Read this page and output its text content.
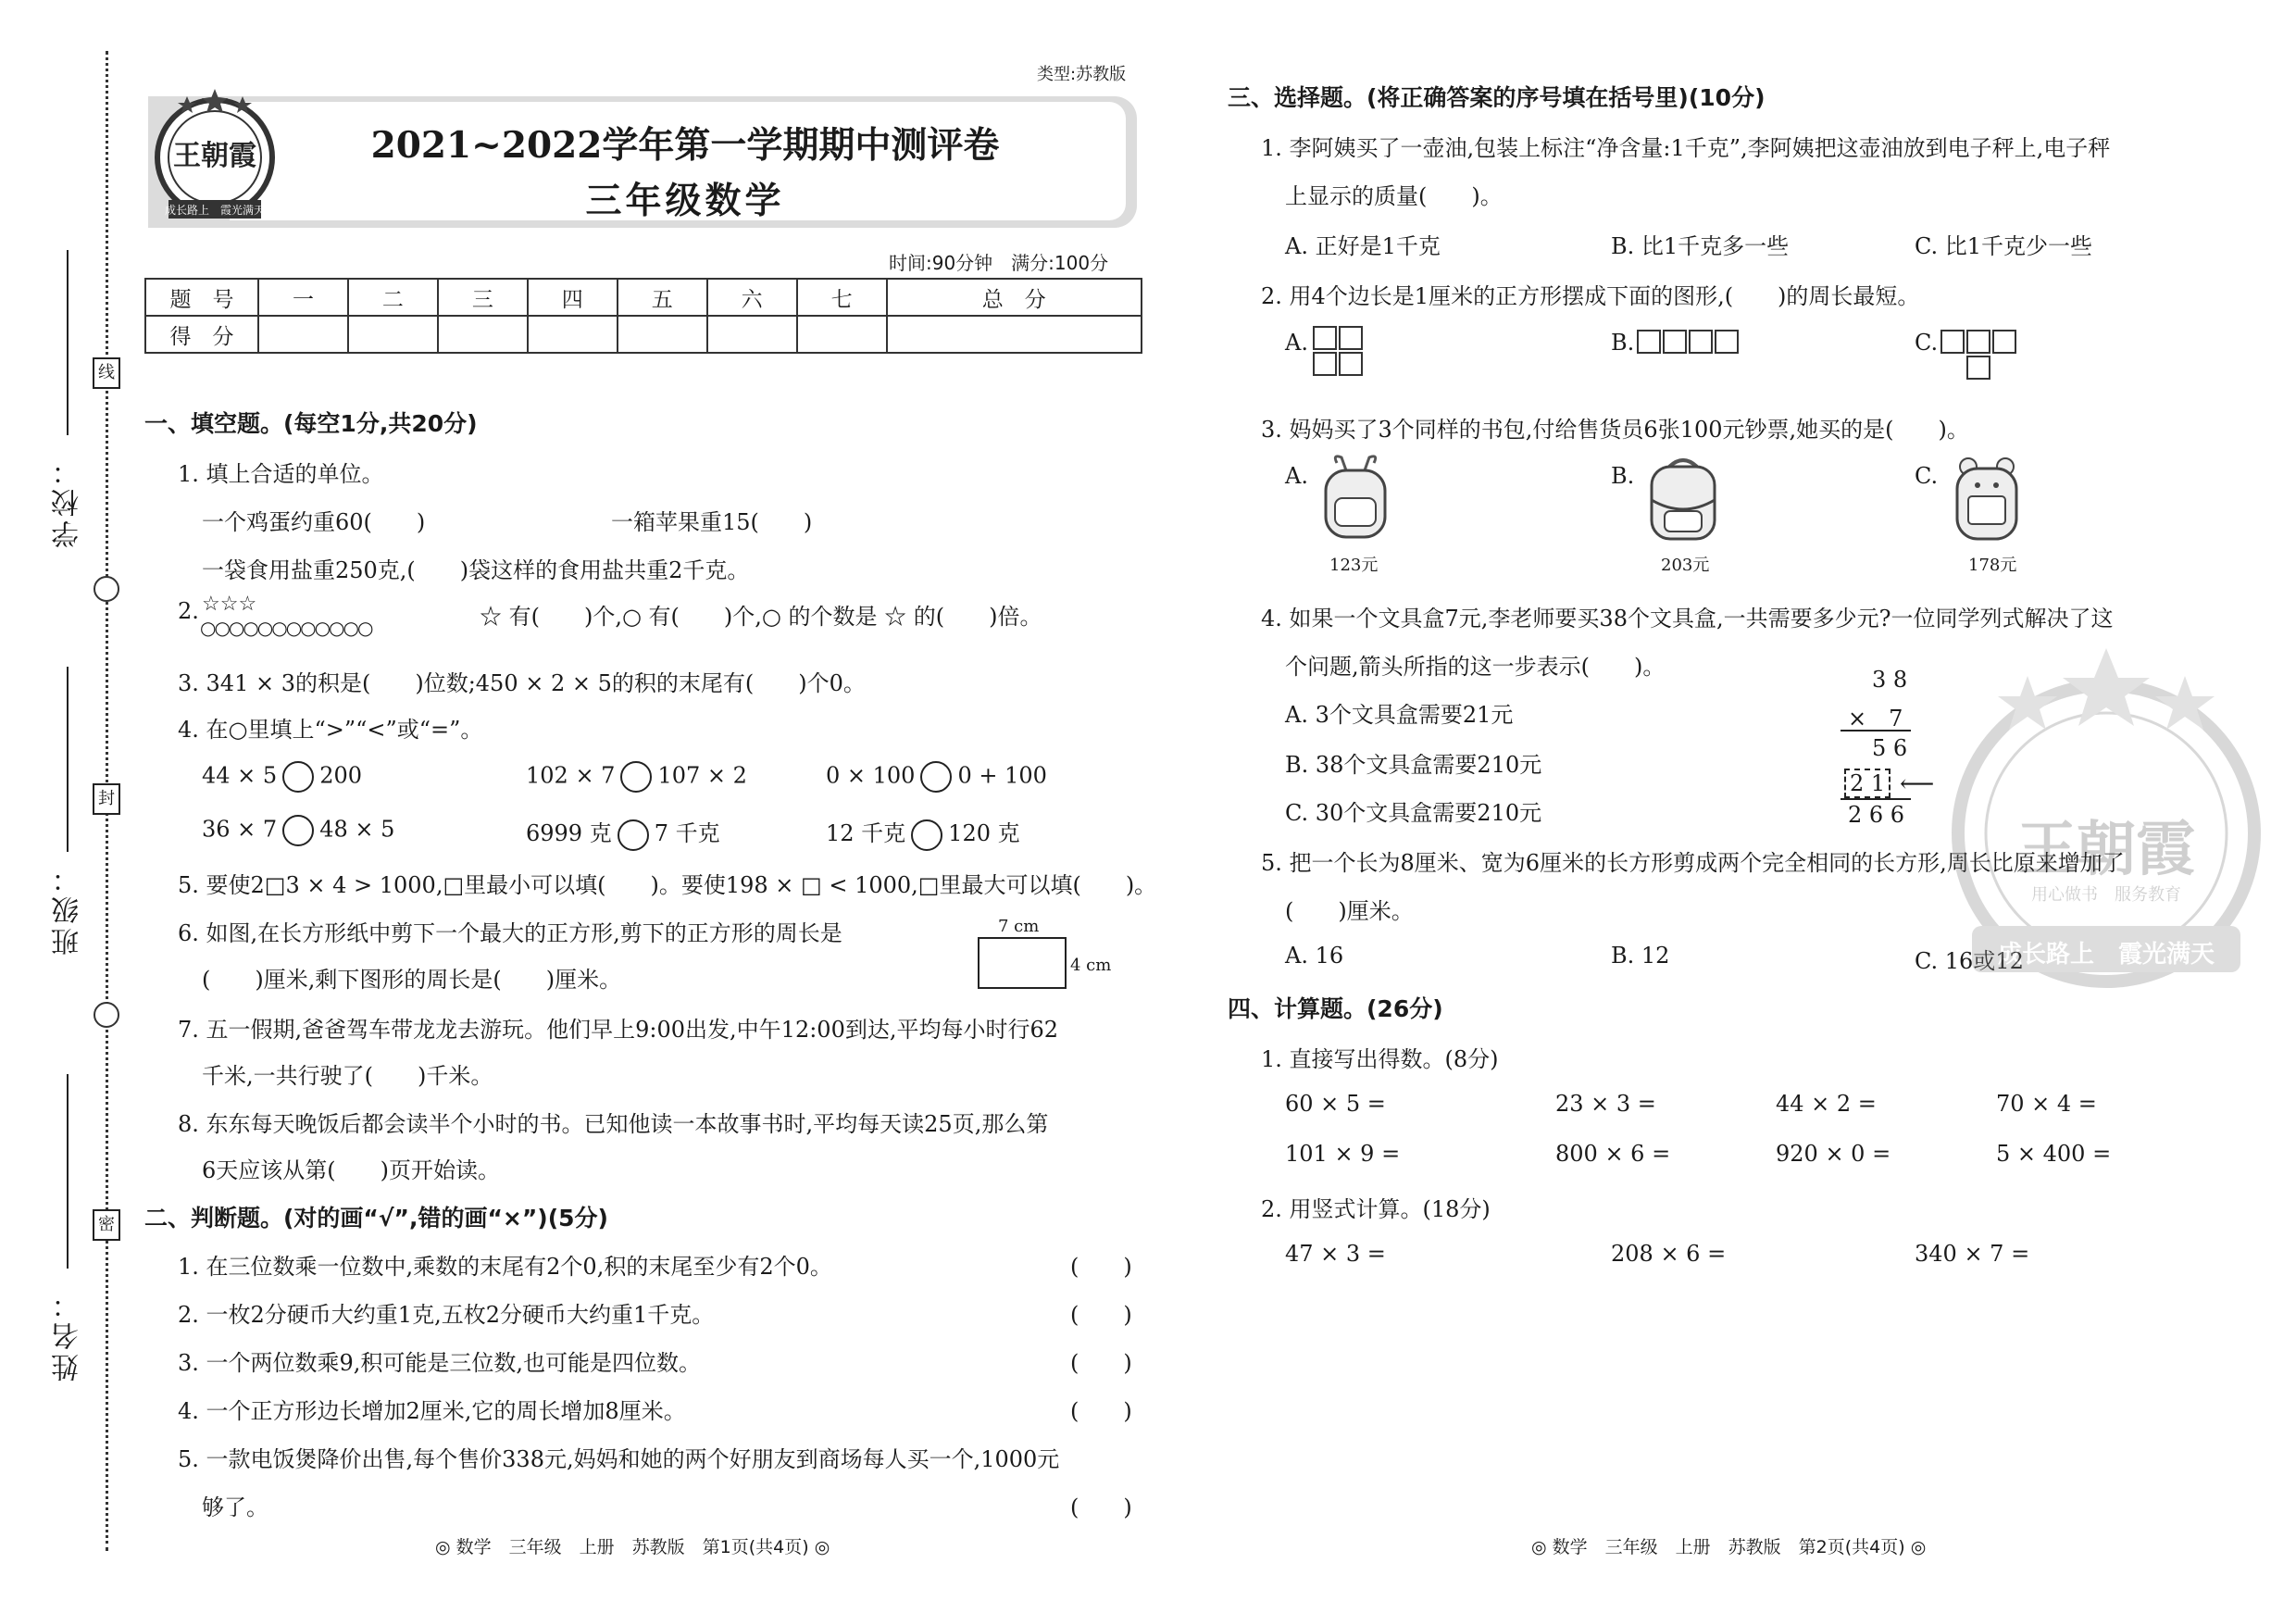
学校：
班级：
姓名：
线
封
密
类型:苏教版
王朝霞
成长路上　霞光满天
2021~2022学年第一学期期中测评卷
三年级数学
时间:90分钟　满分:100分
题　号	一	二	三	四	五	六	七	总　分
得　分								
一、填空题。(每空1分,共20分)
1. 填上合适的单位。
一个鸡蛋约重60(　　)	一箱苹果重15(　　)
一袋食用盐重250克,(　　)袋这样的食用盐共重2千克。
2. ☆☆☆
○○○○○○○○○○○○	☆ 有(　　)个,○ 有(　　)个,○ 的个数是 ☆ 的(　　)倍。
3. 341 × 3的积是(　　)位数;450 × 2 × 5的积的末尾有(　　)个0。
4. 在○里填上“>”“<”或“=”。
44 × 5 200	102 × 7 107 × 2	0 × 100 0 + 100
36 × 7 48 × 5	6999 克 7 千克	12 千克 120 克
5. 要使2□3 × 4 > 1000,□里最小可以填(　　)。要使198 × □ < 1000,□里最大可以填(　　)。
6. 如图,在长方形纸中剪下一个最大的正方形,剪下的正方形的周长是
(　　)厘米,剩下图形的周长是(　　)厘米。
7 cm
4 cm
7. 五一假期,爸爸驾车带龙龙去游玩。他们早上9:00出发,中午12:00到达,平均每小时行62
千米,一共行驶了(　　)千米。
8. 东东每天晚饭后都会读半个小时的书。已知他读一本故事书时,平均每天读25页,那么第
6天应该从第(　　)页开始读。
二、判断题。(对的画“√”,错的画“×”)(5分)
1. 在三位数乘一位数中,乘数的末尾有2个0,积的末尾至少有2个0。	(　　)
2. 一枚2分硬币大约重1克,五枚2分硬币大约重1千克。	(　　)
3. 一个两位数乘9,积可能是三位数,也可能是四位数。	(　　)
4. 一个正方形边长增加2厘米,它的周长增加8厘米。	(　　)
5. 一款电饭煲降价出售,每个售价338元,妈妈和她的两个好朋友到商场每人买一个,1000元
够了。	(　　)
◎ 数学　三年级　上册　苏教版　第1页(共4页) ◎
三、选择题。(将正确答案的序号填在括号里)(10分)
1. 李阿姨买了一壶油,包装上标注“净含量:1千克”,李阿姨把这壶油放到电子秤上,电子秤
上显示的质量(　　)。
A. 正好是1千克	B. 比1千克多一些	C. 比1千克少一些
2. 用4个边长是1厘米的正方形摆成下面的图形,(　　)的周长最短。
A.	B.	C.
3. 妈妈买了3个同样的书包,付给售货员6张100元钞票,她买的是(　　)。
A.
123元
B.
203元
C.
178元
4. 如果一个文具盒7元,李老师要买38个文具盒,一共需要多少元?一位同学列式解决了这
个问题,箭头所指的这一步表示(　　)。
A. 3个文具盒需要21元
B. 38个文具盒需要210元
C. 30个文具盒需要210元
3 8
×　7
5 6
2 1 ⟵
2 6 6
5. 把一个长为8厘米、宽为6厘米的长方形剪成两个完全相同的长方形,周长比原来增加了
(　　)厘米。
A. 16	B. 12	C. 16或12
四、计算题。(26分)
1. 直接写出得数。(8分)
60 × 5 =	23 × 3 =	44 × 2 =	70 × 4 =
101 × 9 =	800 × 6 =	920 × 0 =	5 × 400 =
2. 用竖式计算。(18分)
47 × 3 =	208 × 6 =	340 × 7 =
王朝霞
用心做书　服务教育
成长路上　霞光满天
◎ 数学　三年级　上册　苏教版　第2页(共4页) ◎
